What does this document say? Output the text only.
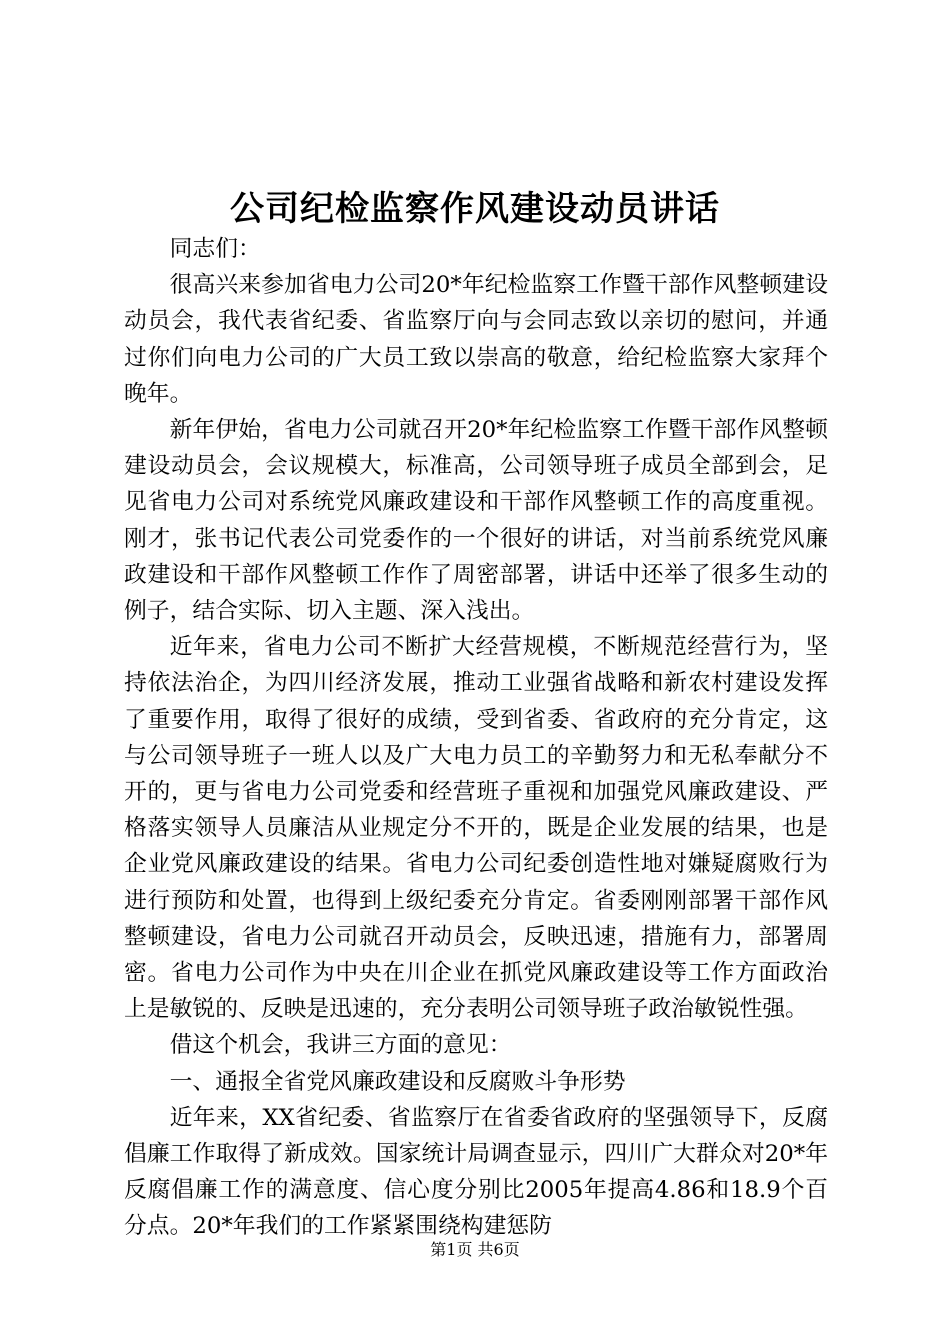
公司纪检监察作风建设动员讲话

同志们：

很高兴来参加省电力公司20*年纪检监察工作暨干部作风整顿建设动员会，我代表省纪委、省监察厅向与会同志致以亲切的慰问，并通过你们向电力公司的广大员工致以崇高的敬意，给纪检监察大家拜个晚年。

新年伊始，省电力公司就召开20*年纪检监察工作暨干部作风整顿建设动员会，会议规模大，标准高，公司领导班子成员全部到会，足见省电力公司对系统党风廉政建设和干部作风整顿工作的高度重视。刚才，张书记代表公司党委作的一个很好的讲话，对当前系统党风廉政建设和干部作风整顿工作作了周密部署，讲话中还举了很多生动的例子，结合实际、切入主题、深入浅出。

近年来，省电力公司不断扩大经营规模，不断规范经营行为，坚持依法治企，为四川经济发展，推动工业强省战略和新农村建设发挥了重要作用，取得了很好的成绩，受到省委、省政府的充分肯定，这与公司领导班子一班人以及广大电力员工的辛勤努力和无私奉献分不开的，更与省电力公司党委和经营班子重视和加强党风廉政建设、严格落实领导人员廉洁从业规定分不开的，既是企业发展的结果，也是企业党风廉政建设的结果。省电力公司纪委创造性地对嫌疑腐败行为进行预防和处置，也得到上级纪委充分肯定。省委刚刚部署干部作风整顿建设，省电力公司就召开动员会，反映迅速，措施有力，部署周密。省电力公司作为中央在川企业在抓党风廉政建设等工作方面政治上是敏锐的、反映是迅速的，充分表明公司领导班子政治敏锐性强。

借这个机会，我讲三方面的意见：

一、通报全省党风廉政建设和反腐败斗争形势

近年来，XX省纪委、省监察厅在省委省政府的坚强领导下，反腐倡廉工作取得了新成效。国家统计局调查显示，四川广大群众对20*年反腐倡廉工作的满意度、信心度分别比2005年提高4.86和18.9个百分点。20*年我们的工作紧紧围绕构建惩防

第1页 共6页
